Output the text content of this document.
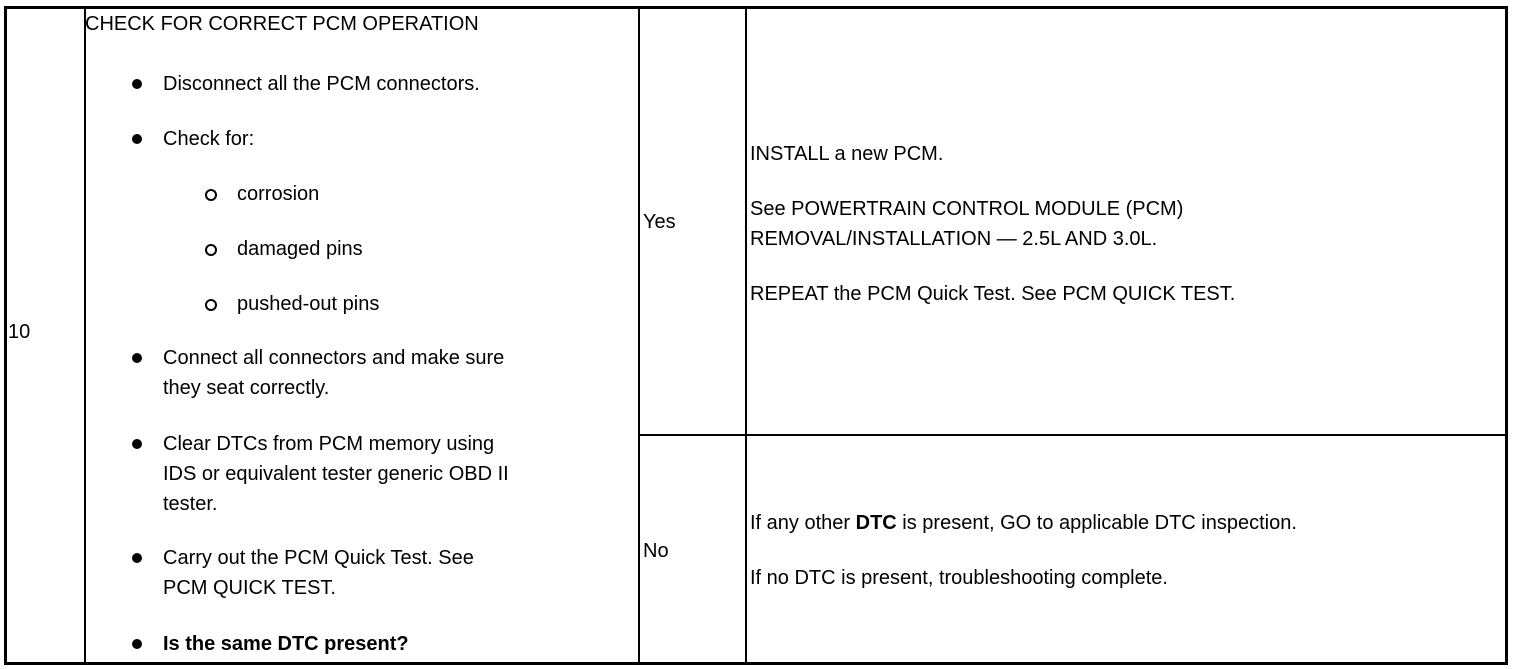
10
CHECK FOR CORRECT PCM OPERATION
Disconnect all the PCM connectors.
Check for:
corrosion
damaged pins
pushed-out pins
Connect all connectors and make sure
they seat correctly.
Clear DTCs from PCM memory using
IDS or equivalent tester generic OBD II
tester.
Carry out the PCM Quick Test. See
PCM QUICK TEST.
Is the same DTC present?
Yes
INSTALL a new PCM.
See POWERTRAIN CONTROL MODULE (PCM)
REMOVAL/INSTALLATION — 2.5L AND 3.0L.
REPEAT the PCM Quick Test. See PCM QUICK TEST.
No
If any other DTC is present, GO to applicable DTC inspection.
If no DTC is present, troubleshooting complete.
